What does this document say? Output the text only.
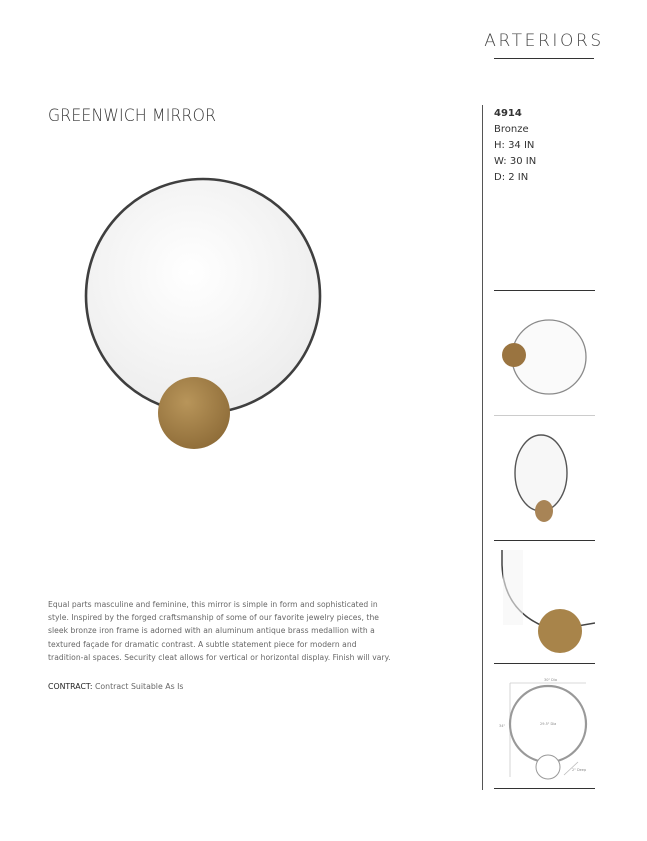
ARTERIORS
GREENWICH MIRROR	4914
Bronze
H: 34 IN
W: 30 IN
D: 2 IN

Equal parts masculine and feminine, this mirror is simple in form and sophisticated in style. Inspired by the forged craftsmanship of some of our favorite jewelry pieces, the sleek bronze iron frame is adorned with an aluminum antique brass medallion with a textured façade for dramatic contrast. A subtle statement piece for modern and tradition-al spaces. Security cleat allows for vertical or horizontal display. Finish will vary.

CONTRACT: Contract Suitable As Is
30" Dia
34"	29.5" Dia
2" Deep
